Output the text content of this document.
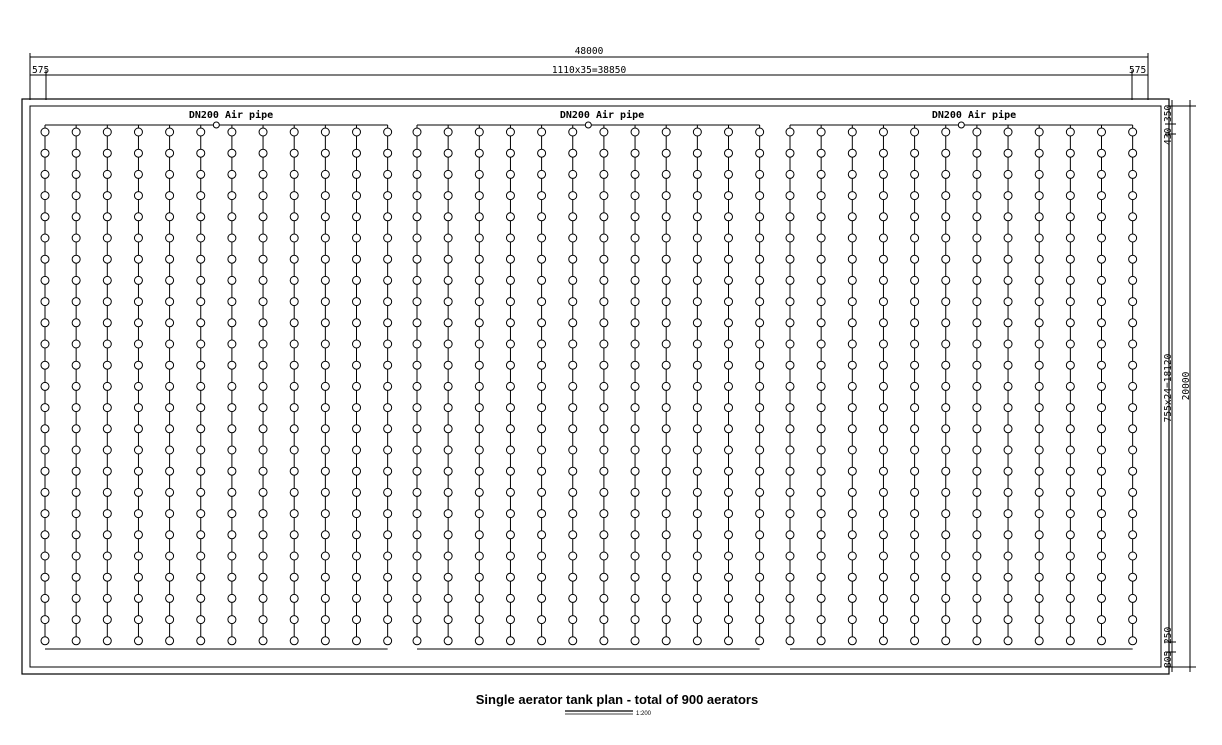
48000
1110x35=38850
575	575
430
350
755x24=18120
805
250
20000
DN200 Air pipe	DN200 Air pipe	DN200 Air pipe
Single aerator tank plan - total of 900 aerators
1:200
